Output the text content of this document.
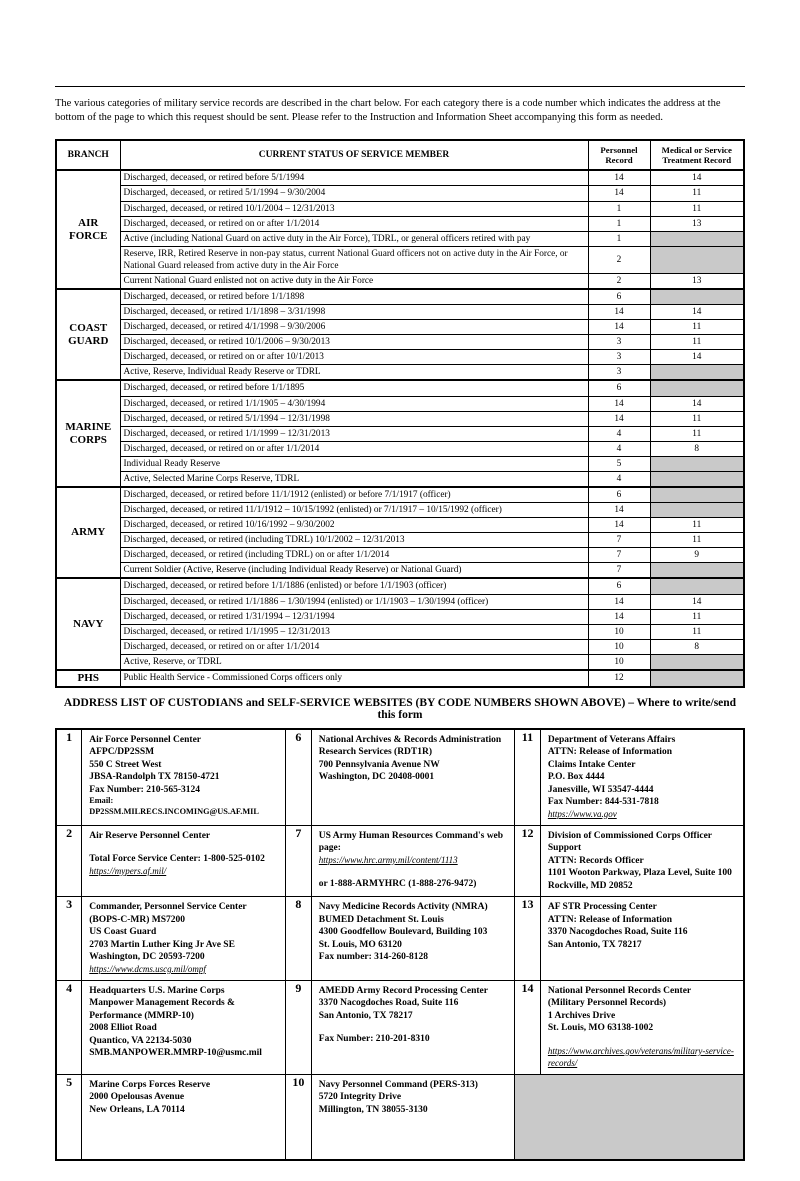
The various categories of military service records are described in the chart below. For each category there is a code number which indicates the address at the bottom of the page to which this request should be sent. Please refer to the Instruction and Information Sheet accompanying this form as needed.

BRANCH	CURRENT STATUS OF SERVICE MEMBER	Personnel Record	Medical or Service Treatment Record
AIR FORCE	Discharged, deceased, or retired before 5/1/1994	14	14
	Discharged, deceased, or retired 5/1/1994 – 9/30/2004	14	11
	Discharged, deceased, or retired 10/1/2004 – 12/31/2013	1	11
	Discharged, deceased, or retired on or after 1/1/2014	1	13
	Active (including National Guard on active duty in the Air Force), TDRL, or general officers retired with pay	1	
	Reserve, IRR, Retired Reserve in non-pay status, current National Guard officers not on active duty in the Air Force, or National Guard released from active duty in the Air Force	2	
	Current National Guard enlisted not on active duty in the Air Force	2	13
COAST GUARD	Discharged, deceased, or retired before 1/1/1898	6	
	Discharged, deceased, or retired 1/1/1898 – 3/31/1998	14	14
	Discharged, deceased, or retired 4/1/1998 – 9/30/2006	14	11
	Discharged, deceased, or retired 10/1/2006 – 9/30/2013	3	11
	Discharged, deceased, or retired on or after 10/1/2013	3	14
	Active, Reserve, Individual Ready Reserve or TDRL	3	
MARINE CORPS	Discharged, deceased, or retired before 1/1/1895	6	
	Discharged, deceased, or retired 1/1/1905 – 4/30/1994	14	14
	Discharged, deceased, or retired 5/1/1994 – 12/31/1998	14	11
	Discharged, deceased, or retired 1/1/1999 – 12/31/2013	4	11
	Discharged, deceased, or retired on or after 1/1/2014	4	8
	Individual Ready Reserve	5	
	Active, Selected Marine Corps Reserve, TDRL	4	
ARMY	Discharged, deceased, or retired before 11/1/1912 (enlisted) or before 7/1/1917 (officer)	6	
	Discharged, deceased, or retired 11/1/1912 – 10/15/1992 (enlisted) or 7/1/1917 – 10/15/1992 (officer)	14	
	Discharged, deceased, or retired 10/16/1992 – 9/30/2002	14	11
	Discharged, deceased, or retired (including TDRL) 10/1/2002 – 12/31/2013	7	11
	Discharged, deceased, or retired (including TDRL) on or after 1/1/2014	7	9
	Current Soldier (Active, Reserve (including Individual Ready Reserve) or National Guard)	7	
NAVY	Discharged, deceased, or retired before 1/1/1886 (enlisted) or before 1/1/1903 (officer)	6	
	Discharged, deceased, or retired 1/1/1886 – 1/30/1994 (enlisted) or 1/1/1903 – 1/30/1994 (officer)	14	14
	Discharged, deceased, or retired 1/31/1994 – 12/31/1994	14	11
	Discharged, deceased, or retired 1/1/1995 – 12/31/2013	10	11
	Discharged, deceased, or retired on or after 1/1/2014	10	8
	Active, Reserve, or TDRL	10	
PHS	Public Health Service - Commissioned Corps officers only	12	
ADDRESS LIST OF CUSTODIANS and SELF-SERVICE WEBSITES (BY CODE NUMBERS SHOWN ABOVE) – Where to write/send this form
1	Air Force Personnel Center
AFPC/DP2SSM
550 C Street West
JBSA-Randolph TX 78150-4721
Fax Number: 210-565-3124
Email: DP2SSM.MILRECS.INCOMING@US.AF.MIL
	6	National Archives & Records Administration
Research Services (RDT1R)
700 Pennsylvania Avenue NW
Washington, DC 20408-0001
	11	Department of Veterans Affairs
ATTN: Release of Information
Claims Intake Center
P.O. Box 4444
Janesville, WI 53547-4444
Fax Number: 844-531-7818
https://www.va.gov

2	Air Reserve Personnel Center
Total Force Service Center: 1-800-525-0102
https://mypers.af.mil/
	7	US Army Human Resources Command's web page:
https://www.hrc.army.mil/content/1113
or 1-888-ARMYHRC (1-888-276-9472)
	12	Division of Commissioned Corps Officer Support
ATTN: Records Officer
1101 Wooton Parkway, Plaza Level, Suite 100
Rockville, MD 20852

3	Commander, Personnel Service Center
(BOPS-C-MR) MS7200
US Coast Guard
2703 Martin Luther King Jr Ave SE
Washington, DC 20593-7200
https://www.dcms.uscg.mil/ompf
	8	Navy Medicine Records Activity (NMRA)
BUMED Detachment St. Louis
4300 Goodfellow Boulevard, Building 103
St. Louis, MO 63120
Fax number: 314-260-8128
	13	AF STR Processing Center
ATTN: Release of Information
3370 Nacogdoches Road, Suite 116
San Antonio, TX 78217

4	Headquarters U.S. Marine Corps
Manpower Management Records & Performance (MMRP-10)
2008 Elliot Road
Quantico, VA 22134-5030
SMB.MANPOWER.MMRP-10@usmc.mil
	9	AMEDD Army Record Processing Center
3370 Nacogdoches Road, Suite 116
San Antonio, TX 78217
Fax Number: 210-201-8310
	14	National Personnel Records Center
(Military Personnel Records)
1 Archives Drive
St. Louis, MO 63138-1002
https://www.archives.gov/veterans/military-service-records/

5	Marine Corps Forces Reserve
2000 Opelousas Avenue
New Orleans, LA 70114
	10	Navy Personnel Command (PERS-313)
5720 Integrity Drive
Millington, TN 38055-3130
